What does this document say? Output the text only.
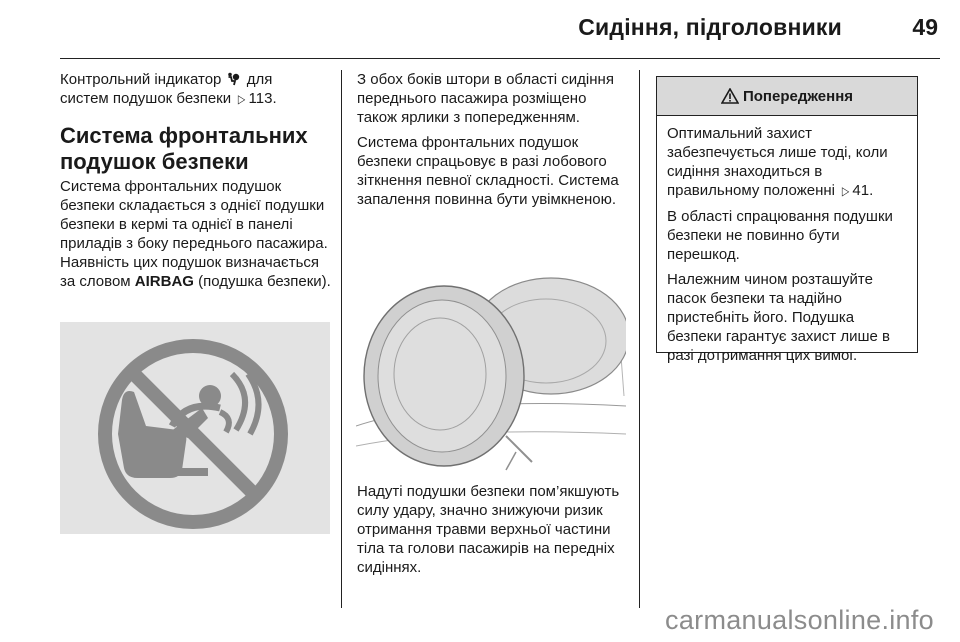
Сидіння, підголовники	49

Контрольний індикатор для
систем подушок безпеки ▷ 113.

Система фронтальних подушок безпеки

Система фронтальних подушок безпеки складається з однієї подушки безпеки в кермі та однієї в панелі приладів з боку переднього пасажира. Наявність цих подушок визначається за словом AIRBAG (подушка безпеки).

З обох боків штори в області сидіння переднього пасажира розміщено також ярлики з попередженням.

Система фронтальних подушок безпеки спрацьовує в разі лобового зіткнення певної складності. Система запалення повинна бути увімкненою.

Надуті подушки безпеки пом’якшують силу удару, значно знижуючи ризик отримання травми верхньої частини тіла та голови пасажирів на передніх сидіннях.
Попередження

Оптимальний захист забезпечується лише тоді, коли сидіння знаходиться в правильному положенні ▷ 41.

В області спрацювання подушки безпеки не повинно бути перешкод.

Належним чином розташуйте пасок безпеки та надійно пристебніть його. Подушка безпеки гарантує захист лише в разі дотримання цих вимог.

carmanualsonline.info
